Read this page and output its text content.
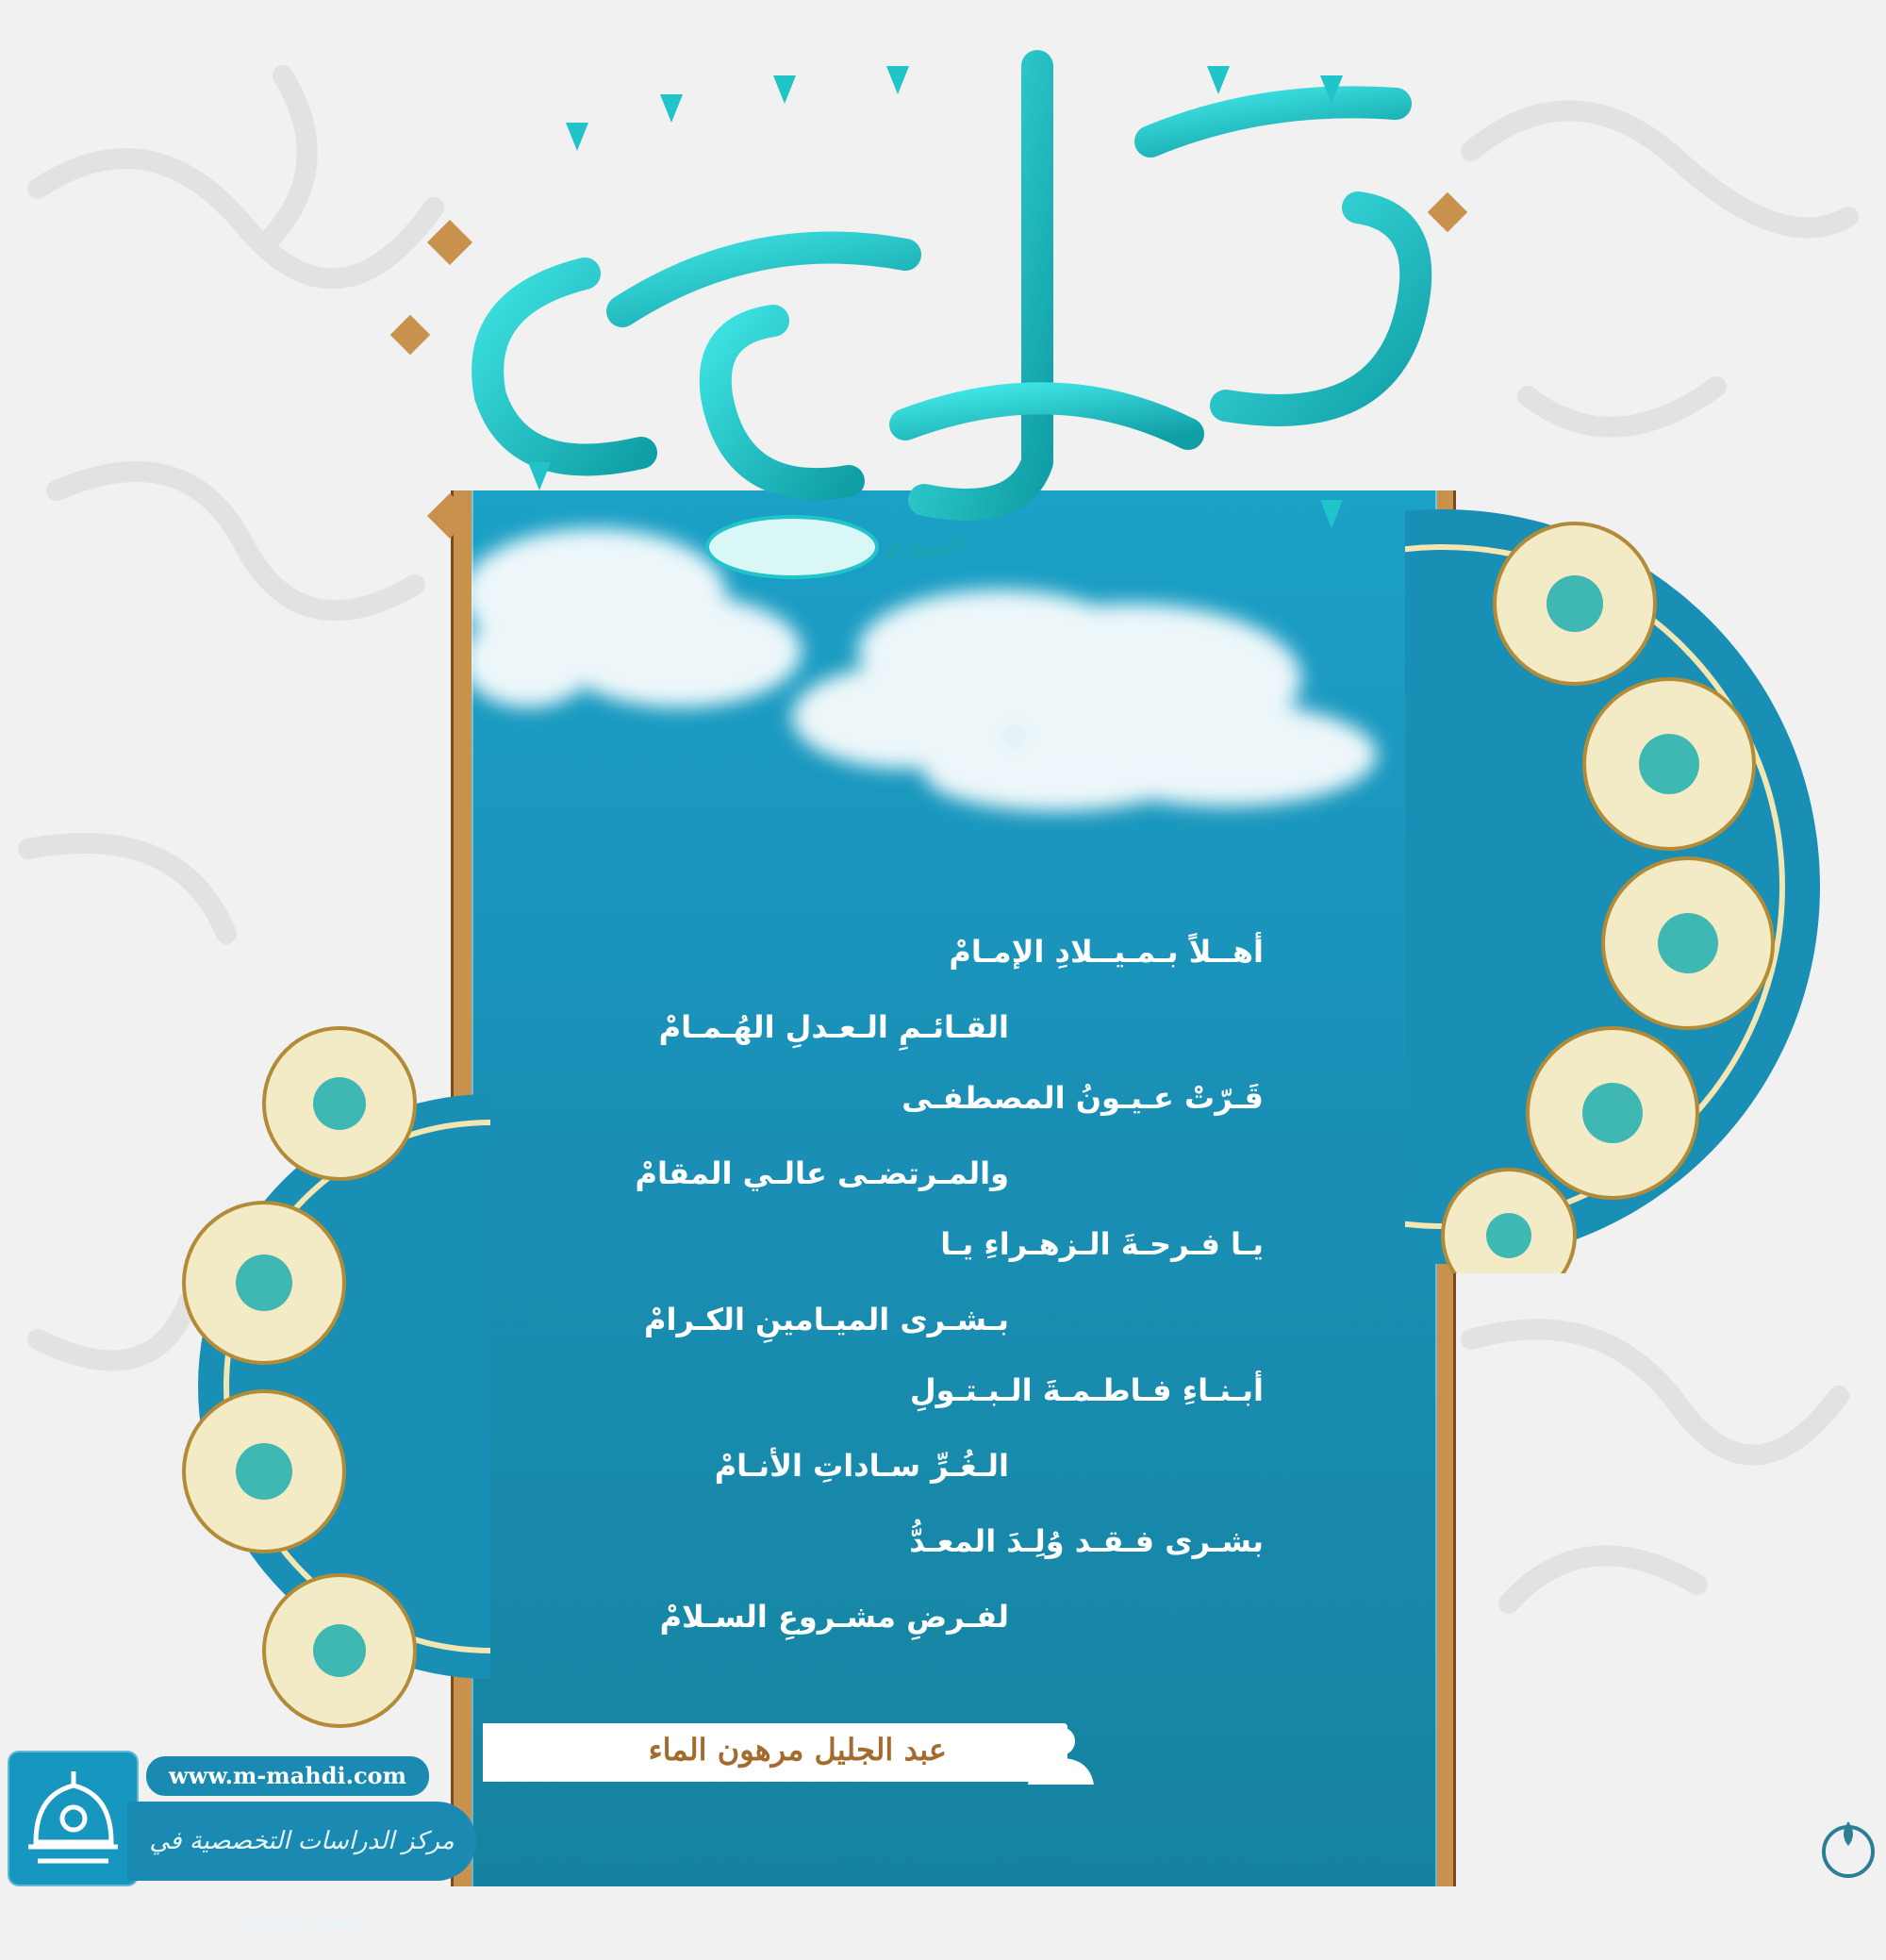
النيروزي
أهــلاً بـمـيــلادِ الإمـامْ
القـائـمِ الـعـدلِ الهُـمـامْ
قَـرّتْ عـيـونُ المصطفـى
والمـرتضـى عالـي المقامْ
يـا فـرحـةَ الـزهـراءِ يـا
بـشـرى الميـامينِ الكـرامْ
أبـنـاءِ فـاطـمـةَ الـبـتـولِ
الـغُـرِّ سـاداتِ الأنـامْ
بشـرى فـقـد وُلِـدَ المعـدُّ
لفـرضِ مشـروعِ السـلامْ
عبد الجليل مرهون الماء
www.m-mahdi.com
مركز الدراسات التخصصية في الإمام المهدي
